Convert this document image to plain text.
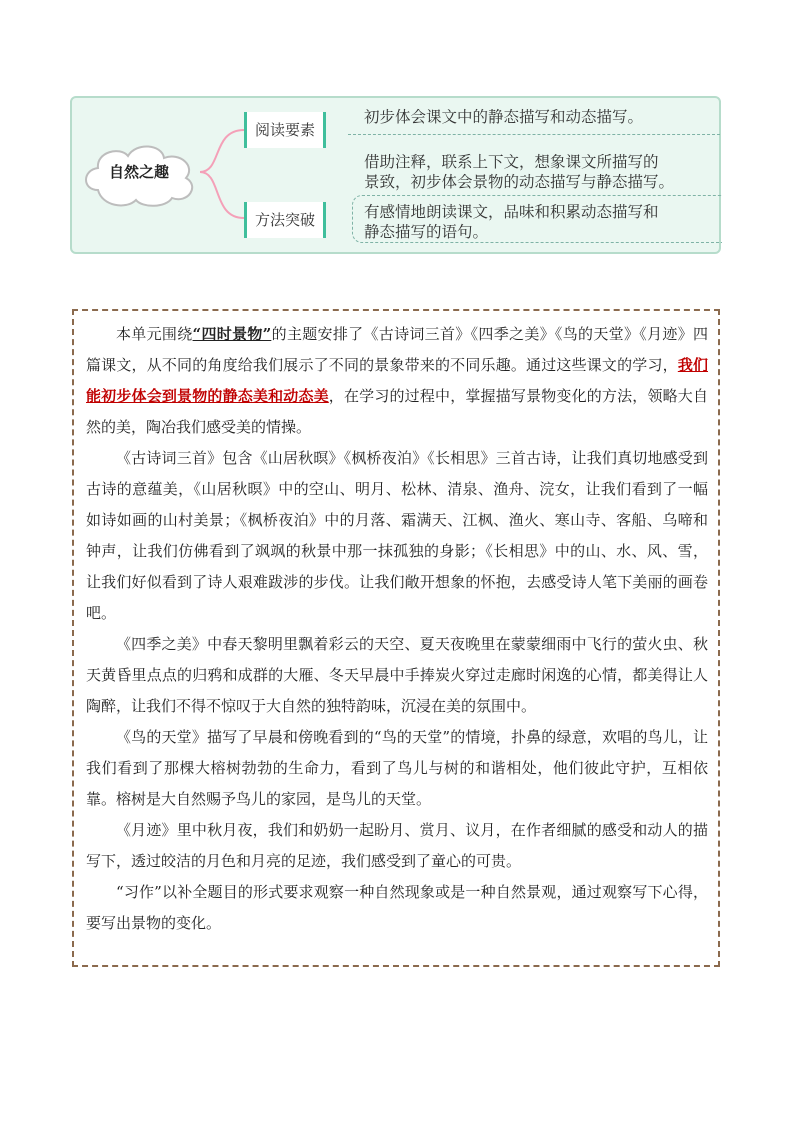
自然之趣
阅读要素
方法突破
初步体会课文中的静态描写和动态描写。
借助注释，联系上下文，想象课文所描写的
景致，初步体会景物的动态描写与静态描写。
有感情地朗读课文，品味和积累动态描写和
静态描写的语句。

本单元围绕“四时景物”的主题安排了《古诗词三首》《四季之美》《鸟的天堂》《月迹》四篇课文，从不同的角度给我们展示了不同的景象带来的不同乐趣。通过这些课文的学习，我们能初步体会到景物的静态美和动态美，在学习的过程中，掌握描写景物变化的方法，领略大自然的美，陶冶我们感受美的情操。

《古诗词三首》包含《山居秋暝》《枫桥夜泊》《长相思》三首古诗，让我们真切地感受到古诗的意蕴美，《山居秋暝》中的空山、明月、松林、清泉、渔舟、浣女，让我们看到了一幅如诗如画的山村美景；《枫桥夜泊》中的月落、霜满天、江枫、渔火、寒山寺、客船、乌啼和钟声，让我们仿佛看到了飒飒的秋景中那一抹孤独的身影；《长相思》中的山、水、风、雪，让我们好似看到了诗人艰难跋涉的步伐。让我们敞开想象的怀抱，去感受诗人笔下美丽的画卷吧。

《四季之美》中春天黎明里飘着彩云的天空、夏天夜晚里在蒙蒙细雨中飞行的萤火虫、秋天黄昏里点点的归鸦和成群的大雁、冬天早晨中手捧炭火穿过走廊时闲逸的心情，都美得让人陶醉，让我们不得不惊叹于大自然的独特韵味，沉浸在美的氛围中。

《鸟的天堂》描写了早晨和傍晚看到的“鸟的天堂”的情境，扑鼻的绿意，欢唱的鸟儿，让我们看到了那棵大榕树勃勃的生命力，看到了鸟儿与树的和谐相处，他们彼此守护，互相依靠。榕树是大自然赐予鸟儿的家园，是鸟儿的天堂。

《月迹》里中秋月夜，我们和奶奶一起盼月、赏月、议月，在作者细腻的感受和动人的描写下，透过皎洁的月色和月亮的足迹，我们感受到了童心的可贵。

“习作”以补全题目的形式要求观察一种自然现象或是一种自然景观，通过观察写下心得，要写出景物的变化。
